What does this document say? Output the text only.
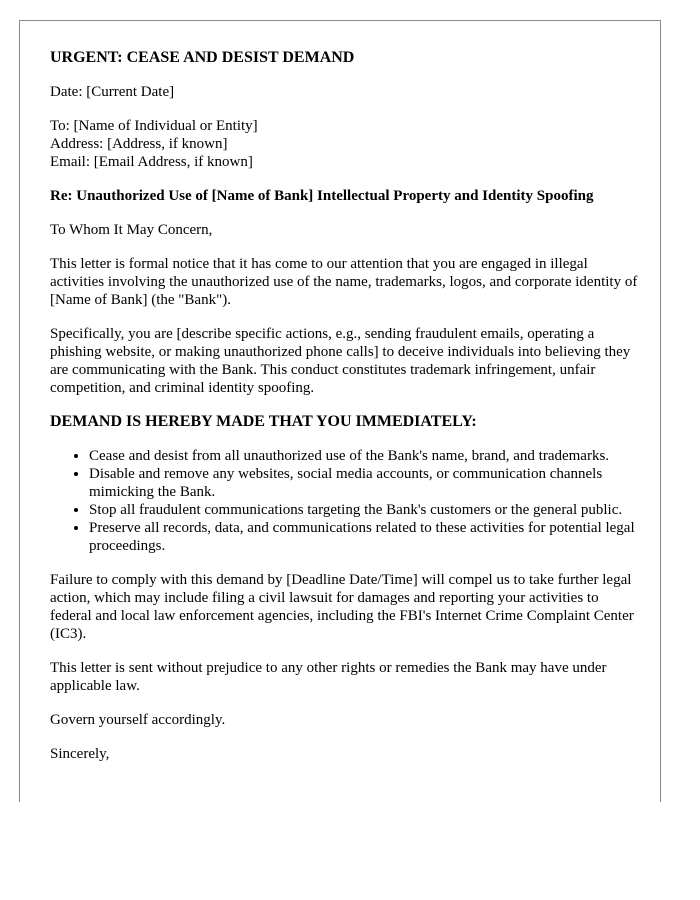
URGENT: CEASE AND DESIST DEMAND

Date: [Current Date]

To: [Name of Individual or Entity]
Address: [Address, if known]
Email: [Email Address, if known]

Re: Unauthorized Use of [Name of Bank] Intellectual Property and Identity Spoofing

To Whom It May Concern,

This letter is formal notice that it has come to our attention that you are engaged in illegal activities involving the unauthorized use of the name, trademarks, logos, and corporate identity of [Name of Bank] (the "Bank").

Specifically, you are [describe specific actions, e.g., sending fraudulent emails, operating a phishing website, or making unauthorized phone calls] to deceive individuals into believing they are communicating with the Bank. This conduct constitutes trademark infringement, unfair competition, and criminal identity spoofing.

DEMAND IS HEREBY MADE THAT YOU IMMEDIATELY:
• Cease and desist from all unauthorized use of the Bank's name, brand, and trademarks.
• Disable and remove any websites, social media accounts, or communication channels mimicking the Bank.
• Stop all fraudulent communications targeting the Bank's customers or the general public.
• Preserve all records, data, and communications related to these activities for potential legal proceedings.

Failure to comply with this demand by [Deadline Date/Time] will compel us to take further legal action, which may include filing a civil lawsuit for damages and reporting your activities to federal and local law enforcement agencies, including the FBI's Internet Crime Complaint Center (IC3).

This letter is sent without prejudice to any other rights or remedies the Bank may have under applicable law.

Govern yourself accordingly.

Sincerely,
